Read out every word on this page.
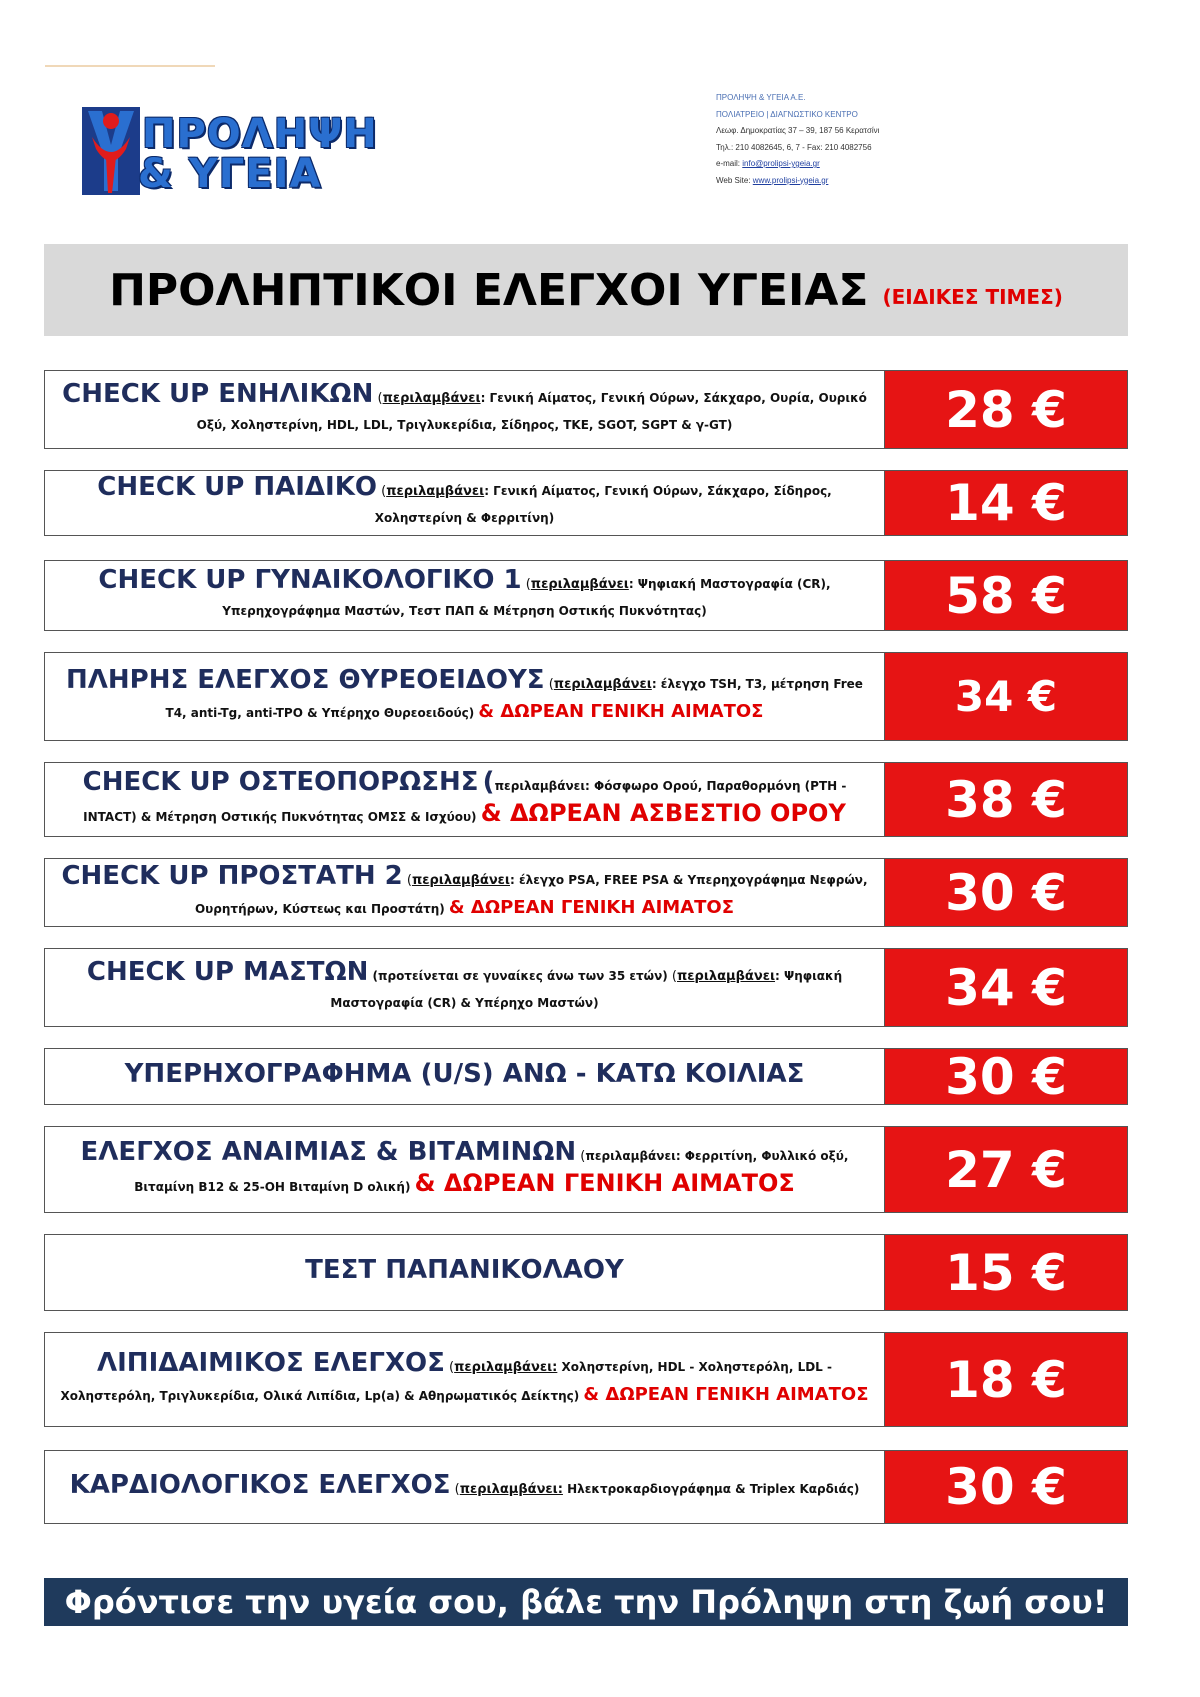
ΠΡΟΛΗΨΗ
& ΥΓΕΙΑ
ΠΡΟΛΗΨΗ & ΥΓΕΙΑ Α.Ε.
ΠΟΛΙΑΤΡΕΙΟ | ΔΙΑΓΝΩΣΤΙΚΟ ΚΕΝΤΡΟ
Λεωφ. Δημοκρατίας 37 – 39, 187 56 Κερατσίνι
Τηλ.: 210 4082645, 6, 7 - Fax: 210 4082756
e-mail: info@prolipsi-ygeia.gr
Web Site: www.prolipsi-ygeia.gr
ΠΡΟΛΗΠΤΙΚΟΙ ΕΛΕΓΧΟΙ ΥΓΕΙΑΣ (ΕΙΔΙΚΕΣ ΤΙΜΕΣ)
CHECK UP ΕΝΗΛΙΚΩΝ (περιλαμβάνει: Γενική Αίματος, Γενική Ούρων, Σάκχαρο, Ουρία, Ουρικό Οξύ, Χοληστερίνη, HDL, LDL, Τριγλυκερίδια, Σίδηρος, TKE, SGOT, SGPT & γ-GT)	28 €
CHECK UP ΠΑΙΔΙΚΟ (περιλαμβάνει: Γενική Αίματος, Γενική Ούρων, Σάκχαρο, Σίδηρος, Χοληστερίνη & Φερριτίνη)	14 €
CHECK UP ΓΥΝΑΙΚΟΛΟΓΙΚΟ 1 (περιλαμβάνει: Ψηφιακή Μαστογραφία (CR), Υπερηχογράφημα Μαστών, Τεστ ΠΑΠ & Μέτρηση Οστικής Πυκνότητας)	58 €
ΠΛΗΡΗΣ ΕΛΕΓΧΟΣ ΘΥΡΕΟΕΙΔΟΥΣ (περιλαμβάνει: έλεγχο TSH, T3, μέτρηση Free T4, anti-Tg, anti-TPO & Υπέρηχο Θυρεοειδούς) & ΔΩΡΕΑΝ ΓΕΝΙΚΗ ΑΙΜΑΤΟΣ	34 €
CHECK UP ΟΣΤΕΟΠΟΡΩΣΗΣ (περιλαμβάνει: Φόσφωρο Ορού, Παραθορμόνη (PTH - INTACT) & Μέτρηση Οστικής Πυκνότητας ΟΜΣΣ & Ισχύου) & ΔΩΡΕΑΝ ΑΣΒΕΣΤΙΟ ΟΡΟΥ	38 €
CHECK UP ΠΡΟΣΤΑΤΗ 2 (περιλαμβάνει: έλεγχο PSA, FREE PSA & Υπερηχογράφημα Νεφρών, Ουρητήρων, Κύστεως και Προστάτη) & ΔΩΡΕΑΝ ΓΕΝΙΚΗ ΑΙΜΑΤΟΣ	30 €
CHECK UP ΜΑΣΤΩΝ (προτείνεται σε γυναίκες άνω των 35 ετών) (περιλαμβάνει: Ψηφιακή Μαστογραφία (CR) & Υπέρηχο Μαστών)	34 €
ΥΠΕΡΗΧΟΓΡΑΦΗΜΑ (U/S) ΑΝΩ - ΚΑΤΩ ΚΟΙΛΙΑΣ	30 €
ΕΛΕΓΧΟΣ ΑΝΑΙΜΙΑΣ & ΒΙΤΑΜΙΝΩΝ (περιλαμβάνει: Φερριτίνη, Φυλλικό οξύ, Βιταμίνη Β12 & 25-ΟΗ Βιταμίνη D ολική) & ΔΩΡΕΑΝ ΓΕΝΙΚΗ ΑΙΜΑΤΟΣ	27 €
ΤΕΣΤ ΠΑΠΑΝΙΚΟΛΑΟΥ	15 €
ΛΙΠΙΔΑΙΜΙΚΟΣ ΕΛΕΓΧΟΣ (περιλαμβάνει: Χοληστερίνη, HDL - Χοληστερόλη, LDL - Χοληστερόλη, Τριγλυκερίδια, Ολικά Λιπίδια, Lp(a) & Αθηρωματικός Δείκτης) & ΔΩΡΕΑΝ ΓΕΝΙΚΗ ΑΙΜΑΤΟΣ	18 €
ΚΑΡΔΙΟΛΟΓΙΚΟΣ ΕΛΕΓΧΟΣ (περιλαμβάνει: Ηλεκτροκαρδιογράφημα & Triplex Καρδιάς)	30 €
Φρόντισε την υγεία σου, βάλε την Πρόληψη στη ζωή σου!
